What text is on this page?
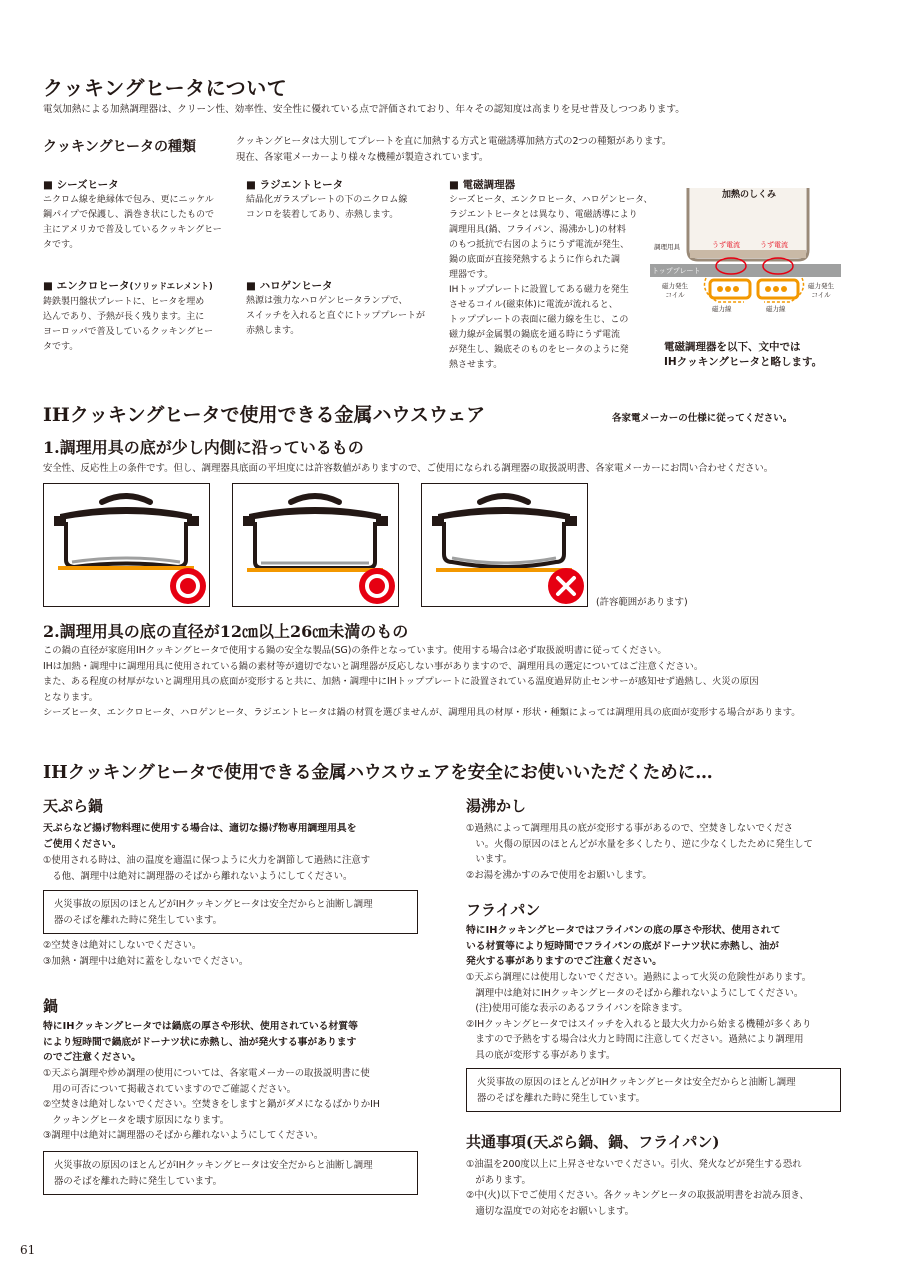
クッキングヒータについて
電気加熱による加熱調理器は、クリーン性、効率性、安全性に優れている点で評価されており、年々その認知度は高まりを見せ普及しつつあります。
クッキングヒータの種類	クッキングヒータは大別してプレートを直に加熱する方式と電磁誘導加熱方式の2つの種類があります。
現在、各家電メーカーより様々な機種が製造されています。
■ シーズヒータ
ニクロム線を絶縁体で包み、更にニッケル
鋼パイプで保護し、渦巻き状にしたもので
主にアメリカで普及しているクッキングヒー
タです。
■ ラジエントヒータ
結晶化ガラスプレートの下のニクロム線
コンロを装着してあり、赤熱します。
■ 電磁調理器
シーズヒータ、エンクロヒータ、ハロゲンヒータ、
ラジエントヒータとは異なり、電磁誘導により
調理用具(鍋、フライパン、湯沸かし)の材料
のもつ抵抗で右図のようにうず電流が発生、
鍋の底面が直接発熱するように作られた調
理器です。
IHトッププレートに設置してある磁力を発生
させるコイル(磁束体)に電流が流れると、
トッププレートの表面に磁力線を生じ、この
磁力線が金属製の鍋底を通る時にうず電流
が発生し、鍋底そのものをヒータのように発
熱させます。
■ エンクロヒータ(ソリッドエレメント)
鋳鉄製円盤状プレートに、ヒータを埋め
込んであり、予熱が長く残ります。主に
ヨーロッパで普及しているクッキングヒー
タです。
■ ハロゲンヒータ
熱源は強力なハロゲンヒータランプで、
スイッチを入れると直ぐにトッププレートが
赤熱します。
加熱のしくみ
調理用具	うず電流	うず電流
トッププレート
磁力発生
コイル
磁力発生
コイル
磁力線	磁力線
電磁調理器を以下、文中では
IHクッキングヒータと略します。
IHクッキングヒータで使用できる金属ハウスウェア	各家電メーカーの仕様に従ってください。
1.調理用具の底が少し内側に沿っているもの
安全性、反応性上の条件です。但し、調理器具底面の平坦度には許容数値がありますので、ご使用になられる調理器の取扱説明書、各家電メーカーにお問い合わせください。
(許容範囲があります)
2.調理用具の底の直径が12㎝以上26㎝未満のもの
この鍋の直径が家庭用IHクッキングヒータで使用する鍋の安全な製品(SG)の条件となっています。使用する場合は必ず取扱説明書に従ってください。
IHは加熱・調理中に調理用具に使用されている鍋の素材等が適切でないと調理器が反応しない事がありますので、調理用具の選定についてはご注意ください。
また、ある程度の材厚がないと調理用具の底面が変形すると共に、加熱・調理中にIHトッププレートに設置されている温度過昇防止センサーが感知せず過熱し、火災の原因
となります。
シーズヒータ、エンクロヒータ、ハロゲンヒータ、ラジエントヒータは鍋の材質を選びませんが、調理用具の材厚・形状・種類によっては調理用具の底面が変形する場合があります。
IHクッキングヒータで使用できる金属ハウスウェアを安全にお使いいただくために…
天ぷら鍋
天ぷらなど揚げ物料理に使用する場合は、適切な揚げ物専用調理用具を
ご使用ください。
①使用される時は、油の温度を適温に保つように火力を調節して過熱に注意す
　る他、調理中は絶対に調理器のそばから離れないようにしてください。
火災事故の原因のほとんどがIHクッキングヒータは安全だからと油断し調理
器のそばを離れた時に発生しています。
②空焚きは絶対にしないでください。
③加熱・調理中は絶対に蓋をしないでください。
鍋
特にIHクッキングヒータでは鍋底の厚さや形状、使用されている材質等
により短時間で鍋底がドーナツ状に赤熱し、油が発火する事があります
のでご注意ください。
①天ぷら調理や炒め調理の使用については、各家電メーカーの取扱説明書に使
　用の可否について掲載されていますのでご確認ください。
②空焚きは絶対しないでください。空焚きをしますと鍋がダメになるばかりかIH
　クッキングヒータを壊す原因になります。
③調理中は絶対に調理器のそばから離れないようにしてください。
火災事故の原因のほとんどがIHクッキングヒータは安全だからと油断し調理
器のそばを離れた時に発生しています。
湯沸かし
①過熱によって調理用具の底が変形する事があるので、空焚きしないでくださ
　い。火傷の原因のほとんどが水量を多くしたり、逆に少なくしたために発生して
　います。
②お湯を沸かすのみで使用をお願いします。
フライパン
特にIHクッキングヒータではフライパンの底の厚さや形状、使用されて
いる材質等により短時間でフライパンの底がドーナツ状に赤熱し、油が
発火する事がありますのでご注意ください。
①天ぷら調理には使用しないでください。過熱によって火災の危険性があります。
　調理中は絶対にIHクッキングヒータのそばから離れないようにしてください。
　(注)使用可能な表示のあるフライパンを除きます。
②IHクッキングヒータではスイッチを入れると最大火力から始まる機種が多くあり
　ますので予熱をする場合は火力と時間に注意してください。過熱により調理用
　具の底が変形する事があります。
火災事故の原因のほとんどがIHクッキングヒータは安全だからと油断し調理
器のそばを離れた時に発生しています。
共通事項(天ぷら鍋、鍋、フライパン)
①油温を200度以上に上昇させないでください。引火、発火などが発生する恐れ
　があります。
②中(火)以下でご使用ください。各クッキングヒータの取扱説明書をお読み頂き、
　適切な温度での対応をお願いします。
61
